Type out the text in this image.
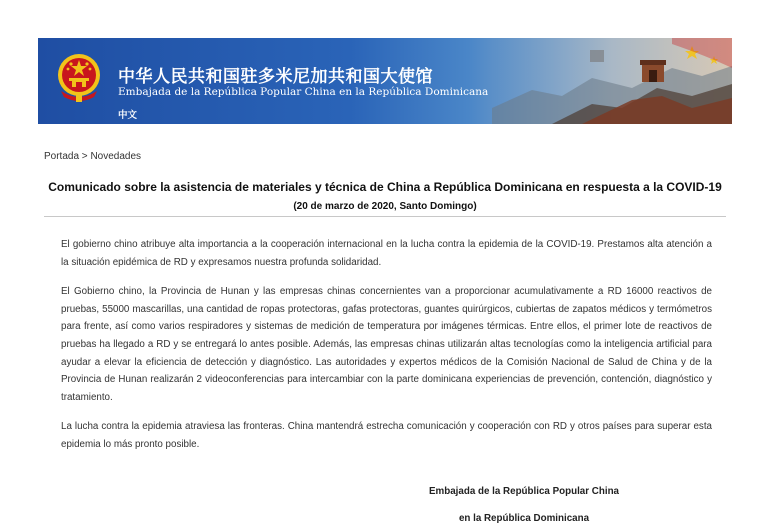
中华人民共和国驻多米尼加共和国大使馆
Embajada de la República Popular China en la República Dominicana
中文
Portada > Novedades
Comunicado sobre la asistencia de materiales y técnica de China a República Dominicana en respuesta a la COVID-19
(20 de marzo de 2020, Santo Domingo)

El gobierno chino atribuye alta importancia a la cooperación internacional en la lucha contra la epidemia de la COVID-19. Prestamos alta atención a la situación epidémica de RD y expresamos nuestra profunda solidaridad.

El Gobierno chino, la Provincia de Hunan y las empresas chinas concernientes van a proporcionar acumulativamente a RD 16000 reactivos de pruebas, 55000 mascarillas, una cantidad de ropas protectoras, gafas protectoras, guantes quirúrgicos, cubiertas de zapatos médicos y termómetros para frente, así como varios respiradores y sistemas de medición de temperatura por imágenes térmicas. Entre ellos, el primer lote de reactivos de pruebas ha llegado a RD y se entregará lo antes posible. Además, las empresas chinas utilizarán altas tecnologías como la inteligencia artificial para ayudar a elevar la eficiencia de detección y diagnóstico. Las autoridades y expertos médicos de la Comisión Nacional de Salud de China y de la Provincia de Hunan realizarán 2 videoconferencias para intercambiar con la parte dominicana experiencias de prevención, contención, diagnóstico y tratamiento.

La lucha contra la epidemia atraviesa las fronteras. China mantendrá estrecha comunicación y cooperación con RD y otros países para superar esta epidemia lo más pronto posible.

Embajada de la República Popular China
en la República Dominicana
